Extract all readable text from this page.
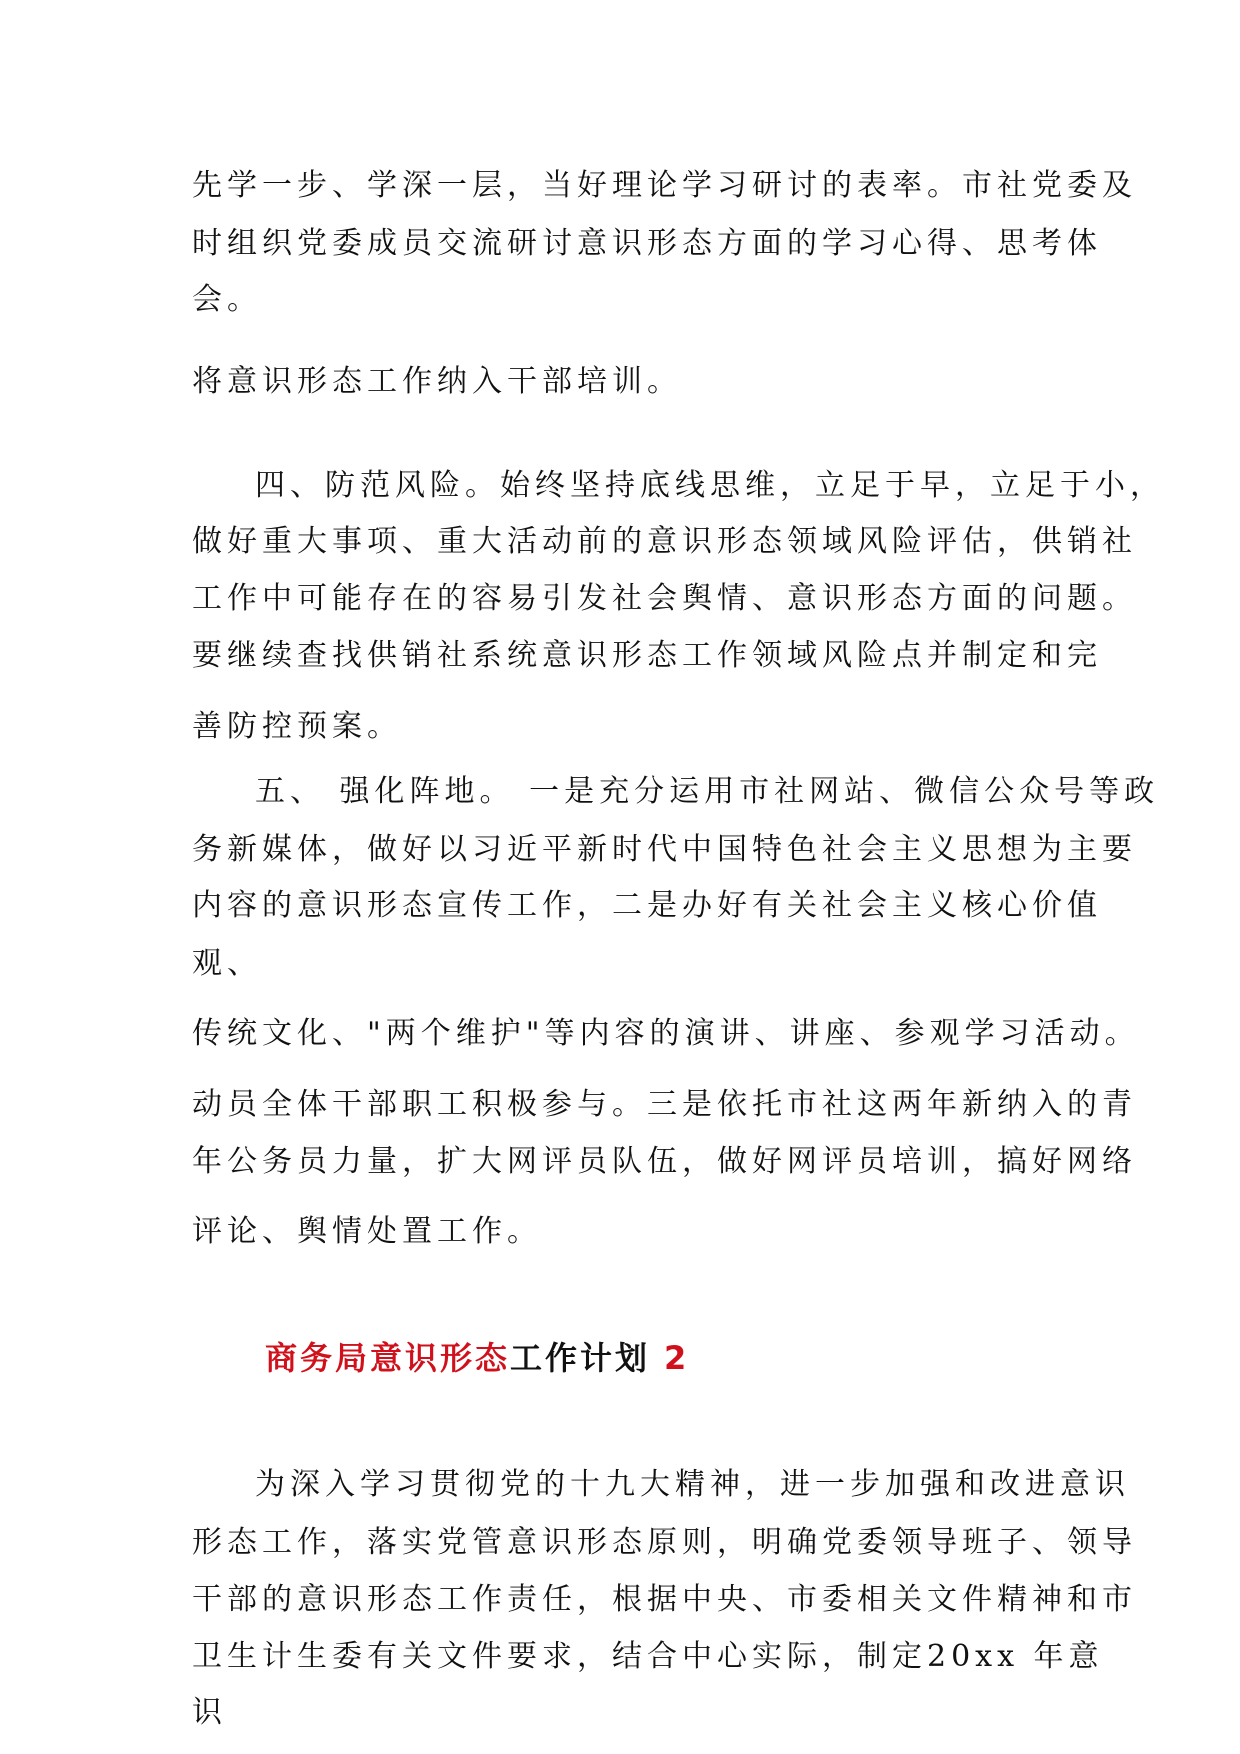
先学一步、学深一层，当好理论学习研讨的表率。市社党委及
时组织党委成员交流研讨意识形态方面的学习心得、思考体
会。
将意识形态工作纳入干部培训。
四、防范风险。始终坚持底线思维，立足于早，立足于小，
做好重大事项、重大活动前的意识形态领域风险评估，供销社
工作中可能存在的容易引发社会舆情、意识形态方面的问题。
要继续查找供销社系统意识形态工作领域风险点并制定和完
善防控预案。
五、 强化阵地。 一是充分运用市社网站、微信公众号等政
务新媒体，做好以习近平新时代中国特色社会主义思想为主要
内容的意识形态宣传工作，二是办好有关社会主义核心价值
观、
传统文化、"两个维护"等内容的演讲、讲座、参观学习活动。
动员全体干部职工积极参与。三是依托市社这两年新纳入的青
年公务员力量，扩大网评员队伍，做好网评员培训，搞好网络
评论、舆情处置工作。
商务局意识形态工作计划 2
为深入学习贯彻党的十九大精神，进一步加强和改进意识
形态工作，落实党管意识形态原则，明确党委领导班子、领导
干部的意识形态工作责任，根据中央、市委相关文件精神和市
卫生计生委有关文件要求，结合中心实际，制定20xx 年意
识
